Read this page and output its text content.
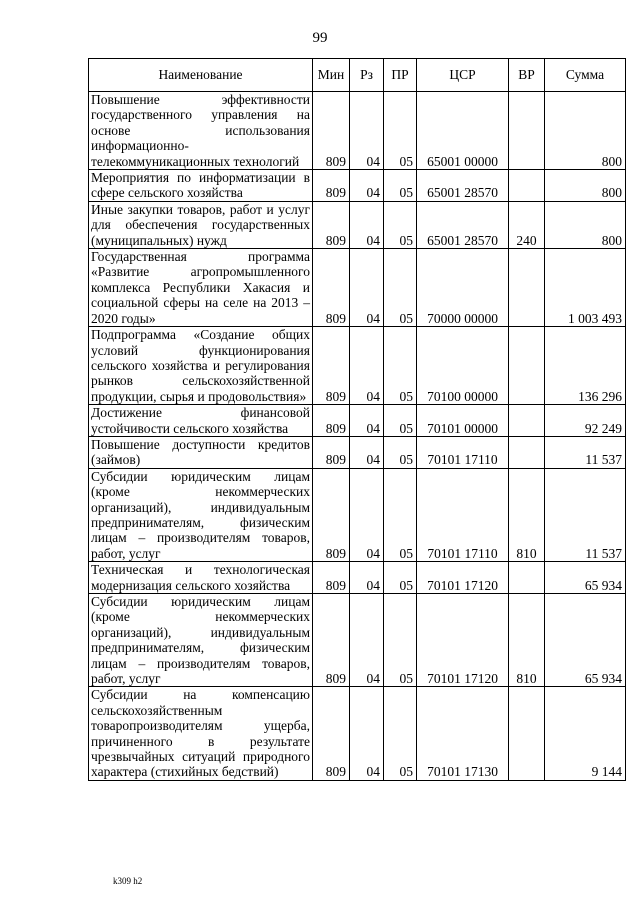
99
Наименование	Мин	Рз	ПР	ЦСР	ВР	Сумма
Повышение эффективности государственного управления на основе использования информационно-телекоммуникационных технологий	809	04	05	65001 00000		800
Мероприятия по информатизации в сфере сельского хозяйства	809	04	05	65001 28570		800
Иные закупки товаров, работ и услуг для обеспечения государственных (муниципальных) нужд	809	04	05	65001 28570	240	800
Государственная программа «Развитие агропромышленного комплекса Республики Хакасия и социальной сферы на селе на 2013 – 2020 годы»	809	04	05	70000 00000		1 003 493
Подпрограмма «Создание общих условий функционирования сельского хозяйства и регулирования рынков сельскохозяйственной продукции, сырья и продовольствия»	809	04	05	70100 00000		136 296
Достижение финансовой устойчивости сельского хозяйства	809	04	05	70101 00000		92 249
Повышение доступности кредитов (займов)	809	04	05	70101 17110		11 537
Субсидии юридическим лицам (кроме некоммерческих организаций), индивидуальным предпринимателям, физическим лицам – производителям товаров, работ, услуг	809	04	05	70101 17110	810	11 537
Техническая и технологическая модернизация сельского хозяйства	809	04	05	70101 17120		65 934
Субсидии юридическим лицам (кроме некоммерческих организаций), индивидуальным предпринимателям, физическим лицам – производителям товаров, работ, услуг	809	04	05	70101 17120	810	65 934
Субсидии на компенсацию сельскохозяйственным товаропроизводителям ущерба, причиненного в результате чрезвычайных ситуаций природного характера (стихийных бедствий)	809	04	05	70101 17130		9 144
k309 h2
